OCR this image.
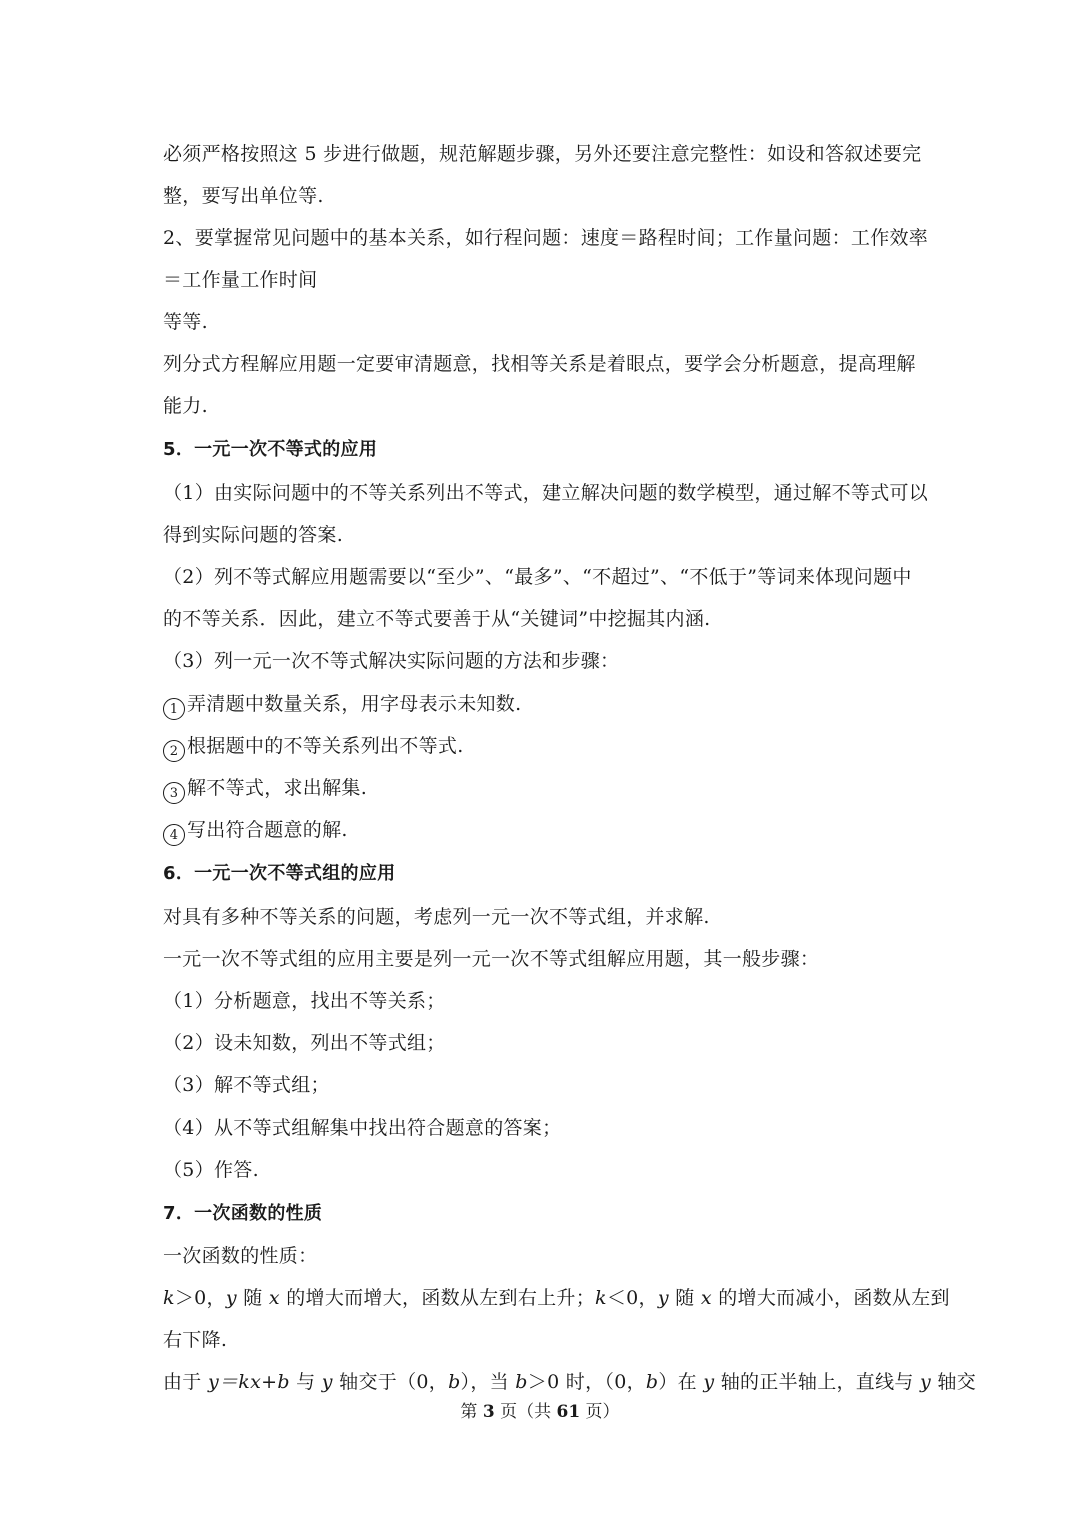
必须严格按照这 5 步进行做题，规范解题步骤，另外还要注意完整性：如设和答叙述要完
整，要写出单位等.
2、要掌握常见问题中的基本关系，如行程问题：速度＝路程时间；工作量问题：工作效率
＝工作量工作时间
等等.
列分式方程解应用题一定要审清题意，找相等关系是着眼点，要学会分析题意，提高理解
能力.
5．一元一次不等式的应用
（1）由实际问题中的不等关系列出不等式，建立解决问题的数学模型，通过解不等式可以
得到实际问题的答案.
（2）列不等式解应用题需要以“至少”、“最多”、“不超过”、“不低于”等词来体现问题中
的不等关系．因此，建立不等式要善于从“关键词”中挖掘其内涵.
（3）列一元一次不等式解决实际问题的方法和步骤：
1 弄清题中数量关系，用字母表示未知数.
2 根据题中的不等关系列出不等式.
3 解不等式，求出解集.
4 写出符合题意的解.
6．一元一次不等式组的应用
对具有多种不等关系的问题，考虑列一元一次不等式组，并求解.
一元一次不等式组的应用主要是列一元一次不等式组解应用题，其一般步骤：
（1）分析题意，找出不等关系；
（2）设未知数，列出不等式组；
（3）解不等式组；
（4）从不等式组解集中找出符合题意的答案；
（5）作答.
7．一次函数的性质
一次函数的性质：
k＞0，y 随 x 的增大而增大，函数从左到右上升；k＜0，y 随 x 的增大而减小，函数从左到
右下降.
由于 y＝kx+b 与 y 轴交于（0，b），当 b＞0 时，（0，b）在 y 轴的正半轴上，直线与 y 轴交
第 3 页（共 61 页）
